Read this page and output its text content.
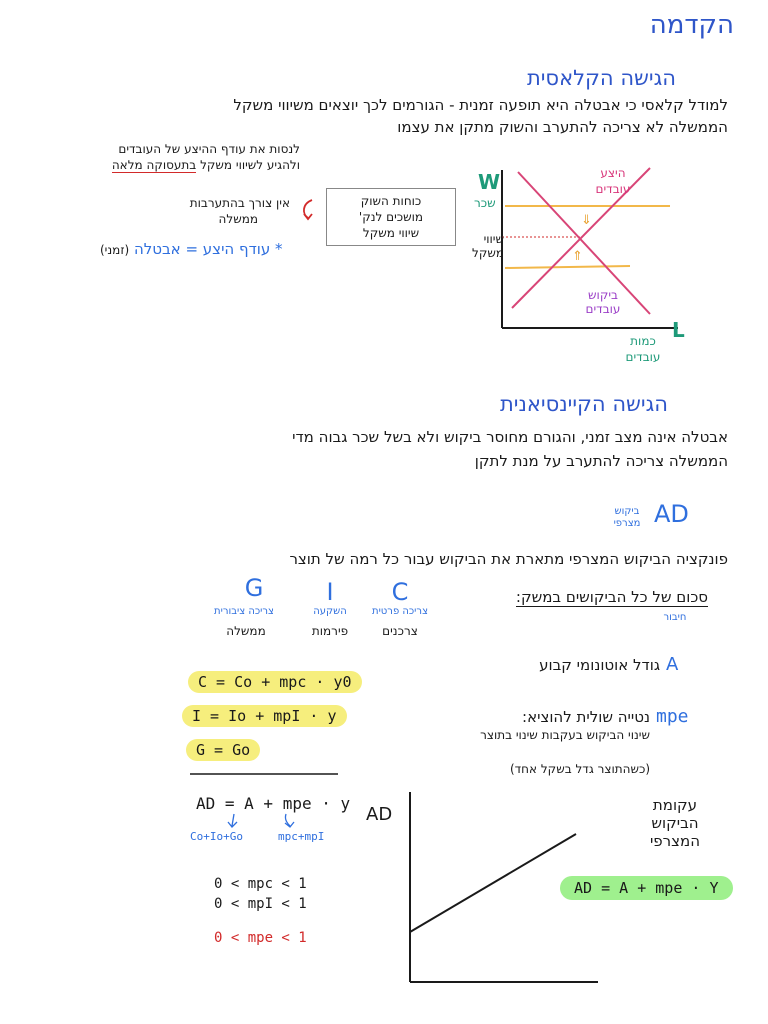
הקדמה
הגישה הקלאסית
למודל קלאסי כי אבטלה היא תופעה זמנית - הגורמים לכך יוצאים משיווי משקל
הממשלה לא צריכה להתערב והשוק מתקן את עצמו
לנסות את עודף ההיצע של העובדים
ולהגיע לשיווי משקל בתעסוקה מלאה
אין צורך בהתערבות
ממשלה
כוחות השוק
מושכים לנק'
שיווי משקל
* עודף היצע = אבטלה (זמני)
⇓
⇑
W
שכר
שיווי
משקל
היצע
עובדים
ביקוש
עובדים
L
כמות
עובדים
הגישה הקיינסיאנית
אבטלה אינה מצב זמני, והגורם מחוסר ביקוש ולא בשל שכר גבוה מדי
הממשלה צריכה להתערב על מנת לתקן
AD
ביקוש
מצרפי
פונקציה הביקוש המצרפי מתארת את הביקוש עבור כל רמה של תוצר
סכום של כל הביקושים במשק:
חיבור
C
צריכה פרטית
צרכנים
I
השקעה
פירמות
G
צריכה ציבורית
ממשלה
A
גודל אוטונומי קבוע
C = Co + mpc · y0
I = Io + mpI · y
G = Go
AD = A + mpe · y
Co+Io+Go	mpc+mpI
0 < mpc < 1
0 < mpI < 1
0 < mpe < 1
mpe
נטייה שולית להוציא:
שינוי הביקוש בעקבות שינוי בתוצר
(כשהתוצר גדל בשקל אחד)
AD	עקומת
הביקוש
המצרפי
AD = A + mpe · Y
